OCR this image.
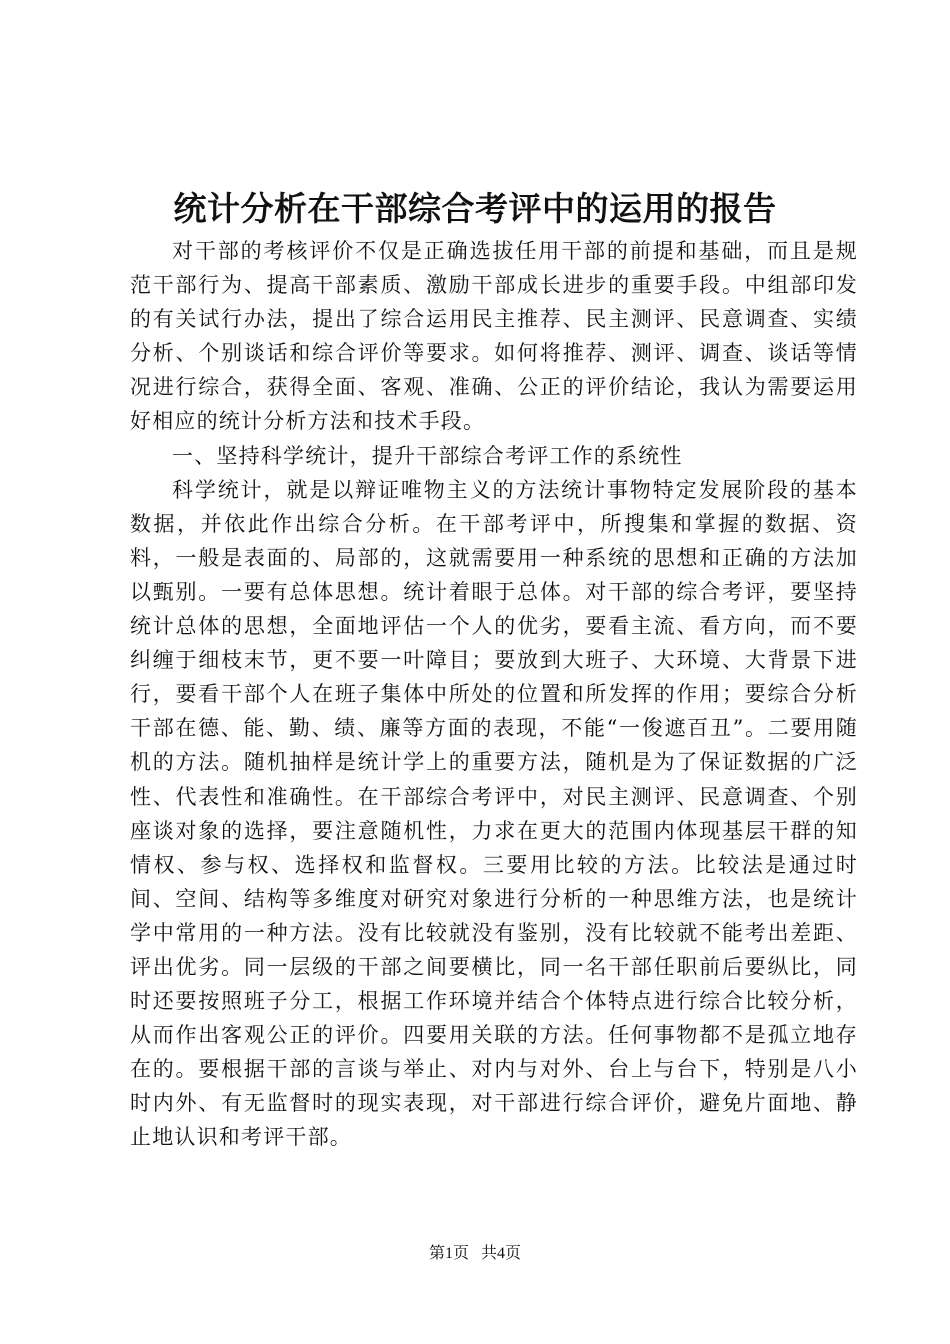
统计分析在干部综合考评中的运用的报告

对干部的考核评价不仅是正确选拔任用干部的前提和基础，而且是规范干部行为、提高干部素质、激励干部成长进步的重要手段。中组部印发的有关试行办法，提出了综合运用民主推荐、民主测评、民意调查、实绩分析、个别谈话和综合评价等要求。如何将推荐、测评、调查、谈话等情况进行综合，获得全面、客观、准确、公正的评价结论，我认为需要运用好相应的统计分析方法和技术手段。

一、坚持科学统计，提升干部综合考评工作的系统性

科学统计，就是以辩证唯物主义的方法统计事物特定发展阶段的基本数据，并依此作出综合分析。在干部考评中，所搜集和掌握的数据、资料，一般是表面的、局部的，这就需要用一种系统的思想和正确的方法加以甄别。一要有总体思想。统计着眼于总体。对干部的综合考评，要坚持统计总体的思想，全面地评估一个人的优劣，要看主流、看方向，而不要纠缠于细枝末节，更不要一叶障目；要放到大班子、大环境、大背景下进行，要看干部个人在班子集体中所处的位置和所发挥的作用；要综合分析干部在德、能、勤、绩、廉等方面的表现，不能“一俊遮百丑”。二要用随机的方法。随机抽样是统计学上的重要方法，随机是为了保证数据的广泛性、代表性和准确性。在干部综合考评中，对民主测评、民意调查、个别座谈对象的选择，要注意随机性，力求在更大的范围内体现基层干群的知情权、参与权、选择权和监督权。三要用比较的方法。比较法是通过时间、空间、结构等多维度对研究对象进行分析的一种思维方法，也是统计学中常用的一种方法。没有比较就没有鉴别，没有比较就不能考出差距、评出优劣。同一层级的干部之间要横比，同一名干部任职前后要纵比，同时还要按照班子分工，根据工作环境并结合个体特点进行综合比较分析，从而作出客观公正的评价。四要用关联的方法。任何事物都不是孤立地存在的。要根据干部的言谈与举止、对内与对外、台上与台下，特别是八小时内外、有无监督时的现实表现，对干部进行综合评价，避免片面地、静止地认识和考评干部。

第1页 共4页
